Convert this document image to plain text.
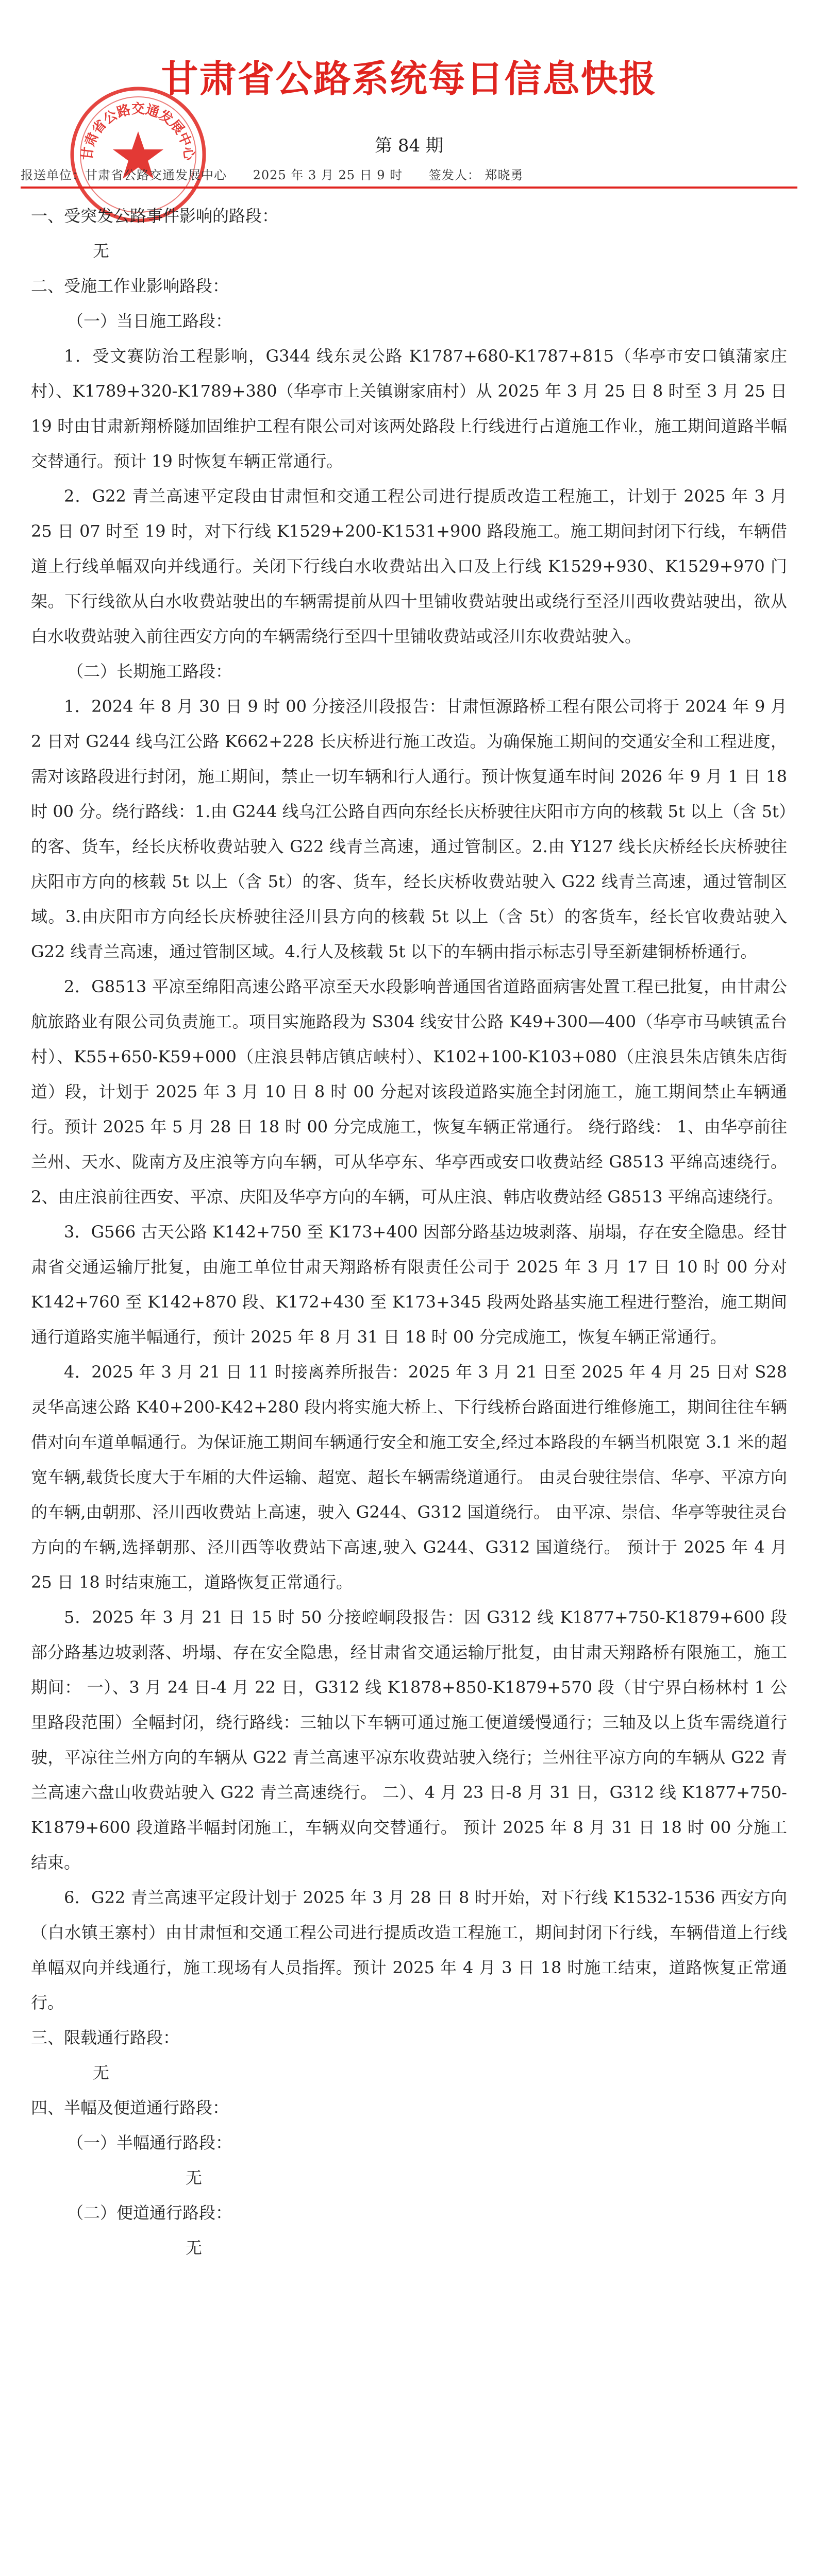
甘肃省公路交通发展中心
甘肃省公路系统每日信息快报
第 84 期
报送单位：甘肃省公路交通发展中心 2025 年 3 月 25 日 9 时 签发人： 郑晓勇

一、受突发公路事件影响的路段：

无

二、受施工作业影响路段：

（一）当日施工路段：

1．受文赛防治工程影响，G344 线东灵公路 K1787+680-K1787+815（华亭市安口镇蒲家庄村）、K1789+320-K1789+380（华亭市上关镇谢家庙村）从 2025 年 3 月 25 日 8 时至 3 月 25 日 19 时由甘肃新翔桥隧加固维护工程有限公司对该两处路段上行线进行占道施工作业，施工期间道路半幅交替通行。预计 19 时恢复车辆正常通行。

2．G22 青兰高速平定段由甘肃恒和交通工程公司进行提质改造工程施工，计划于 2025 年 3 月 25 日 07 时至 19 时，对下行线 K1529+200-K1531+900 路段施工。施工期间封闭下行线，车辆借道上行线单幅双向并线通行。关闭下行线白水收费站出入口及上行线 K1529+930、K1529+970 门架。下行线欲从白水收费站驶出的车辆需提前从四十里铺收费站驶出或绕行至泾川西收费站驶出，欲从白水收费站驶入前往西安方向的车辆需绕行至四十里铺收费站或泾川东收费站驶入。

（二）长期施工路段：

1．2024 年 8 月 30 日 9 时 00 分接泾川段报告：甘肃恒源路桥工程有限公司将于 2024 年 9 月 2 日对 G244 线乌江公路 K662+228 长庆桥进行施工改造。为确保施工期间的交通安全和工程进度，需对该路段进行封闭，施工期间，禁止一切车辆和行人通行。预计恢复通车时间 2026 年 9 月 1 日 18 时 00 分。绕行路线：1.由 G244 线乌江公路自西向东经长庆桥驶往庆阳市方向的核载 5t 以上（含 5t）的客、货车，经长庆桥收费站驶入 G22 线青兰高速，通过管制区。2.由 Y127 线长庆桥经长庆桥驶往庆阳市方向的核载 5t 以上（含 5t）的客、货车，经长庆桥收费站驶入 G22 线青兰高速，通过管制区域。3.由庆阳市方向经长庆桥驶往泾川县方向的核载 5t 以上（含 5t）的客货车，经长官收费站驶入 G22 线青兰高速，通过管制区域。4.行人及核载 5t 以下的车辆由指示标志引导至新建铜桥桥通行。

2．G8513 平凉至绵阳高速公路平凉至天水段影响普通国省道路面病害处置工程已批复，由甘肃公航旅路业有限公司负责施工。项目实施路段为 S304 线安甘公路 K49+300—400（华亭市马峡镇孟台村）、K55+650-K59+000（庄浪县韩店镇店峡村）、K102+100-K103+080（庄浪县朱店镇朱店街道）段，计划于 2025 年 3 月 10 日 8 时 00 分起对该段道路实施全封闭施工，施工期间禁止车辆通行。预计 2025 年 5 月 28 日 18 时 00 分完成施工，恢复车辆正常通行。 绕行路线： 1、由华亭前往兰州、天水、陇南方及庄浪等方向车辆，可从华亭东、华亭西或安口收费站经 G8513 平绵高速绕行。 2、由庄浪前往西安、平凉、庆阳及华亭方向的车辆，可从庄浪、韩店收费站经 G8513 平绵高速绕行。

3．G566 古天公路 K142+750 至 K173+400 因部分路基边坡剥落、崩塌，存在安全隐患。经甘肃省交通运输厅批复，由施工单位甘肃天翔路桥有限责任公司于 2025 年 3 月 17 日 10 时 00 分对 K142+760 至 K142+870 段、K172+430 至 K173+345 段两处路基实施工程进行整治，施工期间通行道路实施半幅通行，预计 2025 年 8 月 31 日 18 时 00 分完成施工，恢复车辆正常通行。

4．2025 年 3 月 21 日 11 时接离养所报告：2025 年 3 月 21 日至 2025 年 4 月 25 日对 S28 灵华高速公路 K40+200-K42+280 段内将实施大桥上、下行线桥台路面进行维修施工，期间往往车辆借对向车道单幅通行。为保证施工期间车辆通行安全和施工安全,经过本路段的车辆当机限宽 3.1 米的超宽车辆,载货长度大于车厢的大件运输、超宽、超长车辆需绕道通行。 由灵台驶往崇信、华亭、平凉方向的车辆,由朝那、泾川西收费站上高速，驶入 G244、G312 国道绕行。 由平凉、崇信、华亭等驶往灵台方向的车辆,选择朝那、泾川西等收费站下高速,驶入 G244、G312 国道绕行。 预计于 2025 年 4 月 25 日 18 时结束施工，道路恢复正常通行。

5．2025 年 3 月 21 日 15 时 50 分接崆峒段报告：因 G312 线 K1877+750-K1879+600 段部分路基边坡剥落、坍塌、存在安全隐患，经甘肃省交通运输厅批复，由甘肃天翔路桥有限施工，施工期间： 一）、3 月 24 日-4 月 22 日，G312 线 K1878+850-K1879+570 段（甘宁界白杨林村 1 公里路段范围）全幅封闭，绕行路线：三轴以下车辆可通过施工便道缓慢通行；三轴及以上货车需绕道行驶，平凉往兰州方向的车辆从 G22 青兰高速平凉东收费站驶入绕行；兰州往平凉方向的车辆从 G22 青兰高速六盘山收费站驶入 G22 青兰高速绕行。 二）、4 月 23 日-8 月 31 日，G312 线 K1877+750-K1879+600 段道路半幅封闭施工，车辆双向交替通行。 预计 2025 年 8 月 31 日 18 时 00 分施工结束。

6．G22 青兰高速平定段计划于 2025 年 3 月 28 日 8 时开始，对下行线 K1532-1536 西安方向（白水镇王寨村）由甘肃恒和交通工程公司进行提质改造工程施工，期间封闭下行线，车辆借道上行线单幅双向并线通行，施工现场有人员指挥。预计 2025 年 4 月 3 日 18 时施工结束，道路恢复正常通行。

三、限载通行路段：

无

四、半幅及便道通行路段：

（一）半幅通行路段：

无

（二）便道通行路段：

无
